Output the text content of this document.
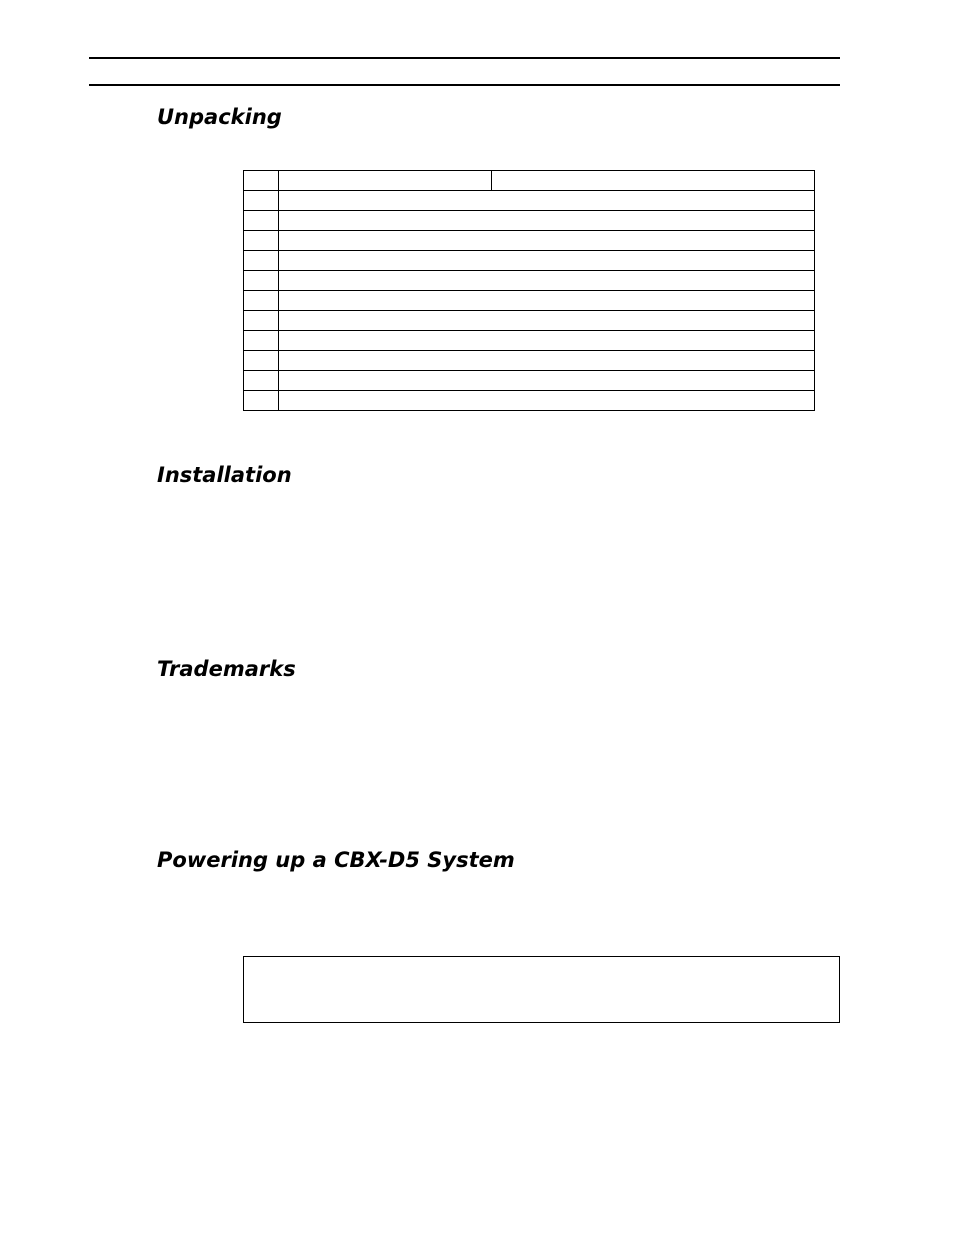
Unpacking

Installation
Trademarks
Powering up a CBX-D5 System
